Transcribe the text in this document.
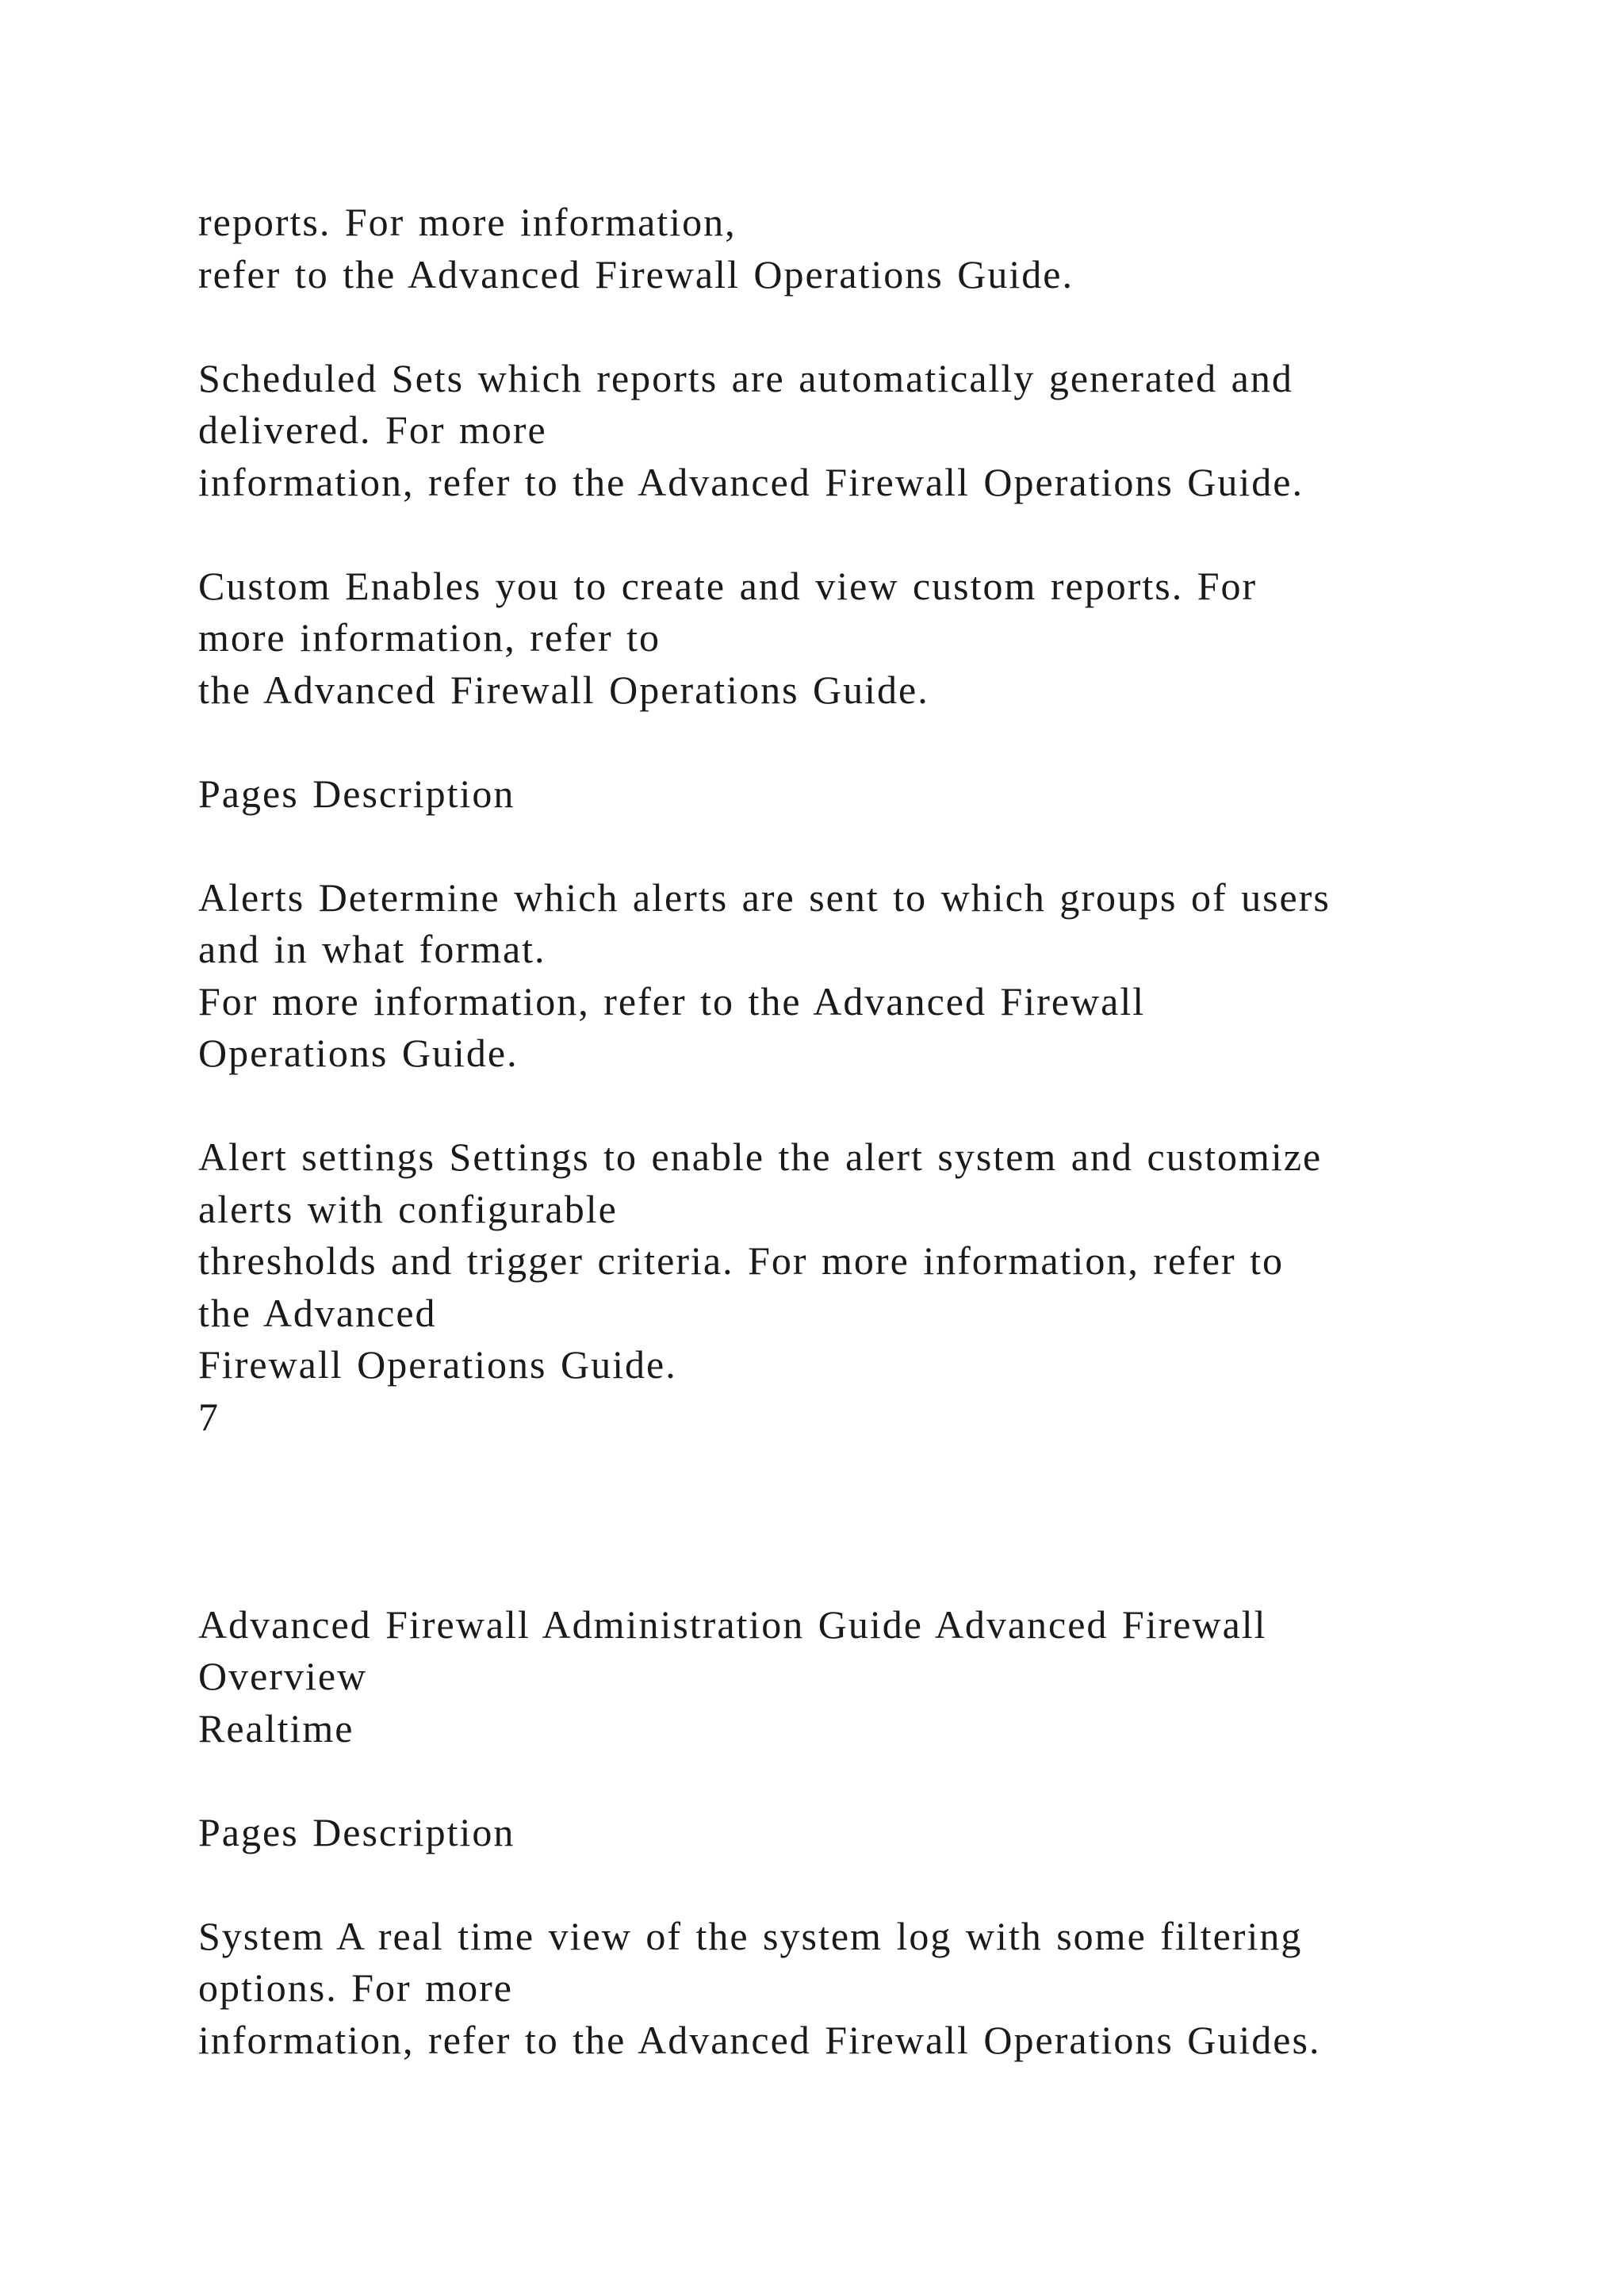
reports. For more information,
refer to the Advanced Firewall Operations Guide.
Scheduled Sets which reports are automatically generated and
delivered. For more
information, refer to the Advanced Firewall Operations Guide.
Custom Enables you to create and view custom reports. For
more information, refer to
the Advanced Firewall Operations Guide.
Pages Description
Alerts Determine which alerts are sent to which groups of users
and in what format.
For more information, refer to the Advanced Firewall
Operations Guide.
Alert settings Settings to enable the alert system and customize
alerts with configurable
thresholds and trigger criteria. For more information, refer to
the Advanced
Firewall Operations Guide.
7
Advanced Firewall Administration Guide Advanced Firewall
Overview
Realtime
Pages Description
System A real time view of the system log with some filtering
options. For more
information, refer to the Advanced Firewall Operations Guides.
